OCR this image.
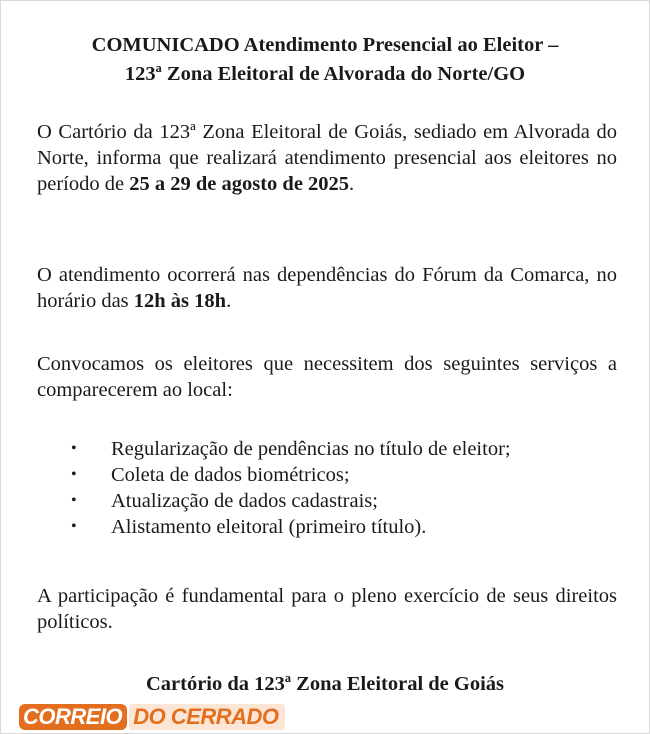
COMUNICADO Atendimento Presencial ao Eleitor –
123ª Zona Eleitoral de Alvorada do Norte/GO

O Cartório da 123ª Zona Eleitoral de Goiás, sediado em Alvorada do Norte, informa que realizará atendimento presencial aos eleitores no período de 25 a 29 de agosto de 2025.

O atendimento ocorrerá nas dependências do Fórum da Comarca, no horário das 12h às 18h.

Convocamos os eleitores que necessitem dos seguintes serviços a comparecerem ao local:

• Regularização de pendências no título de eleitor;
• Coleta de dados biométricos;
• Atualização de dados cadastrais;
• Alistamento eleitoral (primeiro título).

A participação é fundamental para o pleno exercício de seus direitos políticos.

Cartório da 123ª Zona Eleitoral de Goiás
CORREIO DO CERRADO
